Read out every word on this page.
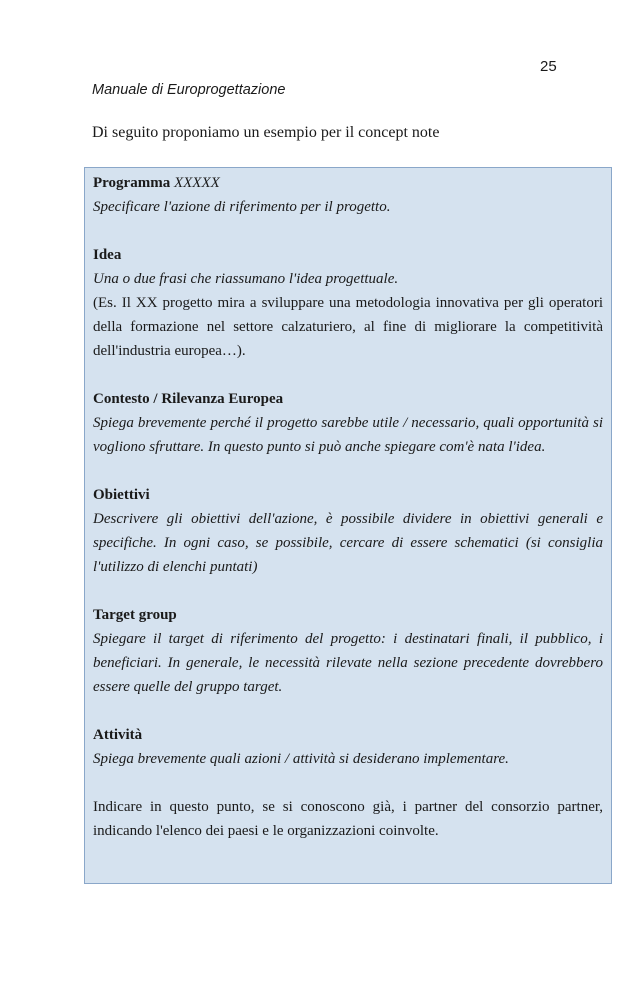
25
Manuale di Europrogettazione
Di seguito proponiamo un esempio per il concept note
Programma XXXXX
Specificare l'azione di riferimento per il progetto.
Idea
Una o due frasi che riassumano l'idea progettuale.
(Es. Il XX progetto mira a sviluppare una metodologia innovativa per gli operatori della formazione nel settore calzaturiero, al fine di migliorare la competitività dell'industria europea…).
Contesto / Rilevanza Europea
Spiega brevemente perché il progetto sarebbe utile / necessario, quali opportunità si vogliono sfruttare. In questo punto si può anche spiegare com'è nata l'idea.
Obiettivi
Descrivere gli obiettivi dell'azione, è possibile dividere in obiettivi generali e specifiche. In ogni caso, se possibile, cercare di essere schematici (si consiglia l'utilizzo di elenchi puntati)
Target group
Spiegare il target di riferimento del progetto: i destinatari finali, il pubblico, i beneficiari. In generale, le necessità rilevate nella sezione precedente dovrebbero essere quelle del gruppo target.
Attività
Spiega brevemente quali azioni / attività si desiderano implementare.
Indicare in questo punto, se si conoscono già, i partner del consorzio partner, indicando l'elenco dei paesi e le organizzazioni coinvolte.
